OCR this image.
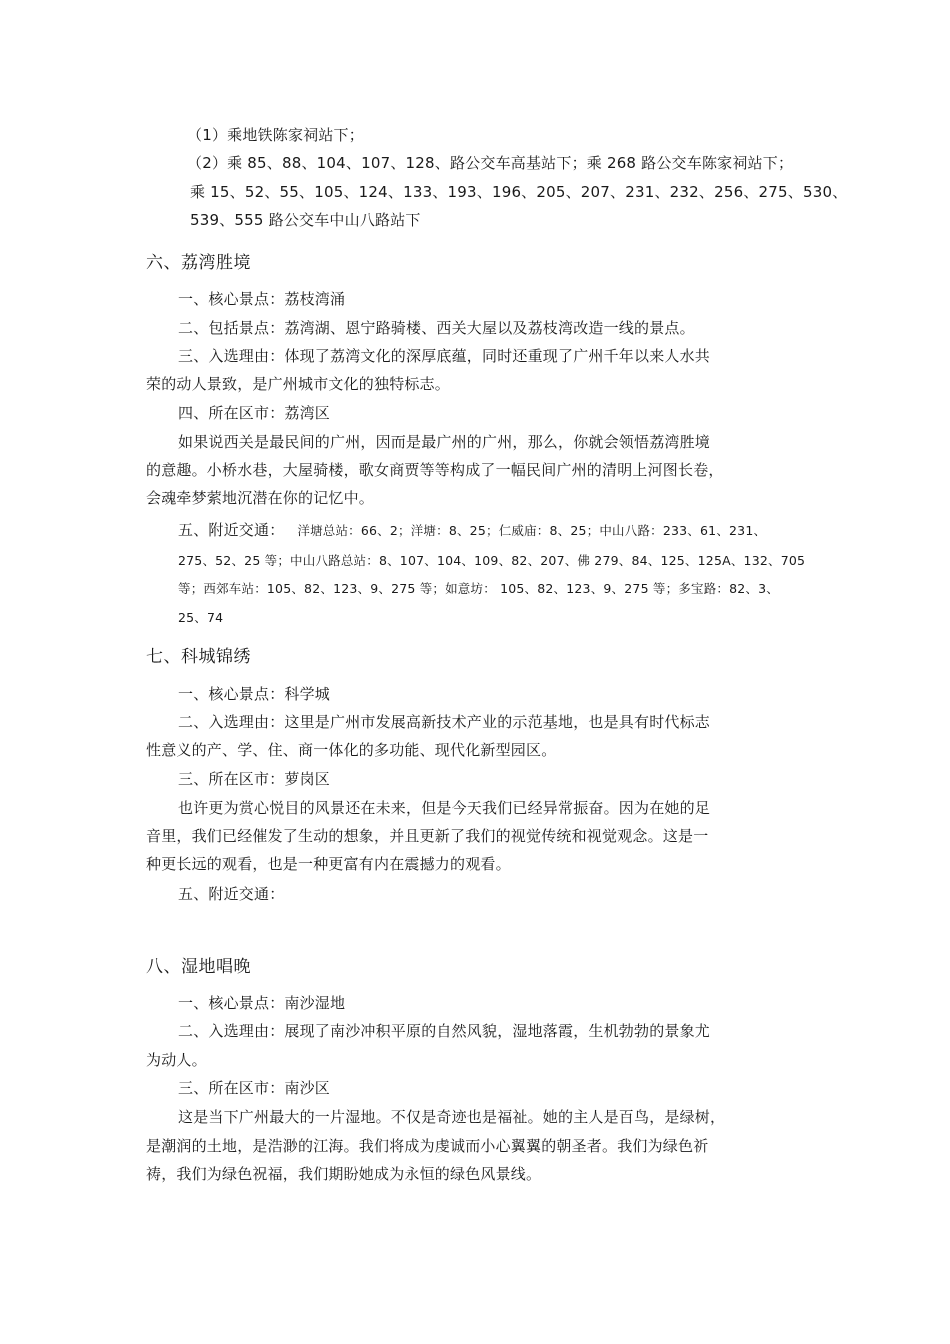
（1）乘地铁陈家祠站下；
（2）乘 85、88、104、107、128、路公交车高基站下；乘 268 路公交车陈家祠站下；
乘 15、52、55、105、124、133、193、196、205、207、231、232、256、275、530、
539、555 路公交车中山八路站下
六、荔湾胜境
一、核心景点：荔枝湾涌
二、包括景点：荔湾湖、恩宁路骑楼、西关大屋以及荔枝湾改造一线的景点。
三、入选理由：体现了荔湾文化的深厚底蕴，同时还重现了广州千年以来人水共
荣的动人景致，是广州城市文化的独特标志。
四、所在区市：荔湾区
如果说西关是最民间的广州，因而是最广州的广州，那么，你就会领悟荔湾胜境
的意趣。小桥水巷，大屋骑楼，歌女商贾等等构成了一幅民间广州的清明上河图长卷，
会魂牵梦萦地沉潜在你的记忆中。
五、附近交通： 洋塘总站：66、2；洋塘：8、25；仁威庙：8、25；中山八路：233、61、231、
275、52、25 等；中山八路总站：8、107、104、109、82、207、佛 279、84、125、125A、132、705
等；西郊车站：105、82、123、9、275 等；如意坊： 105、82、123、9、275 等；多宝路：82、3、
25、74
七、科城锦绣
一、核心景点：科学城
二、入选理由：这里是广州市发展高新技术产业的示范基地，也是具有时代标志
性意义的产、学、住、商一体化的多功能、现代化新型园区。
三、所在区市：萝岗区
也许更为赏心悦目的风景还在未来，但是今天我们已经异常振奋。因为在她的足
音里，我们已经催发了生动的想象，并且更新了我们的视觉传统和视觉观念。这是一
种更长远的观看，也是一种更富有内在震撼力的观看。
五、附近交通：
八、湿地唱晚
一、核心景点：南沙湿地
二、入选理由：展现了南沙冲积平原的自然风貌，湿地落霞，生机勃勃的景象尤
为动人。
三、所在区市：南沙区
这是当下广州最大的一片湿地。不仅是奇迹也是福祉。她的主人是百鸟，是绿树，
是潮润的土地，是浩渺的江海。我们将成为虔诚而小心翼翼的朝圣者。我们为绿色祈
祷，我们为绿色祝福，我们期盼她成为永恒的绿色风景线。
